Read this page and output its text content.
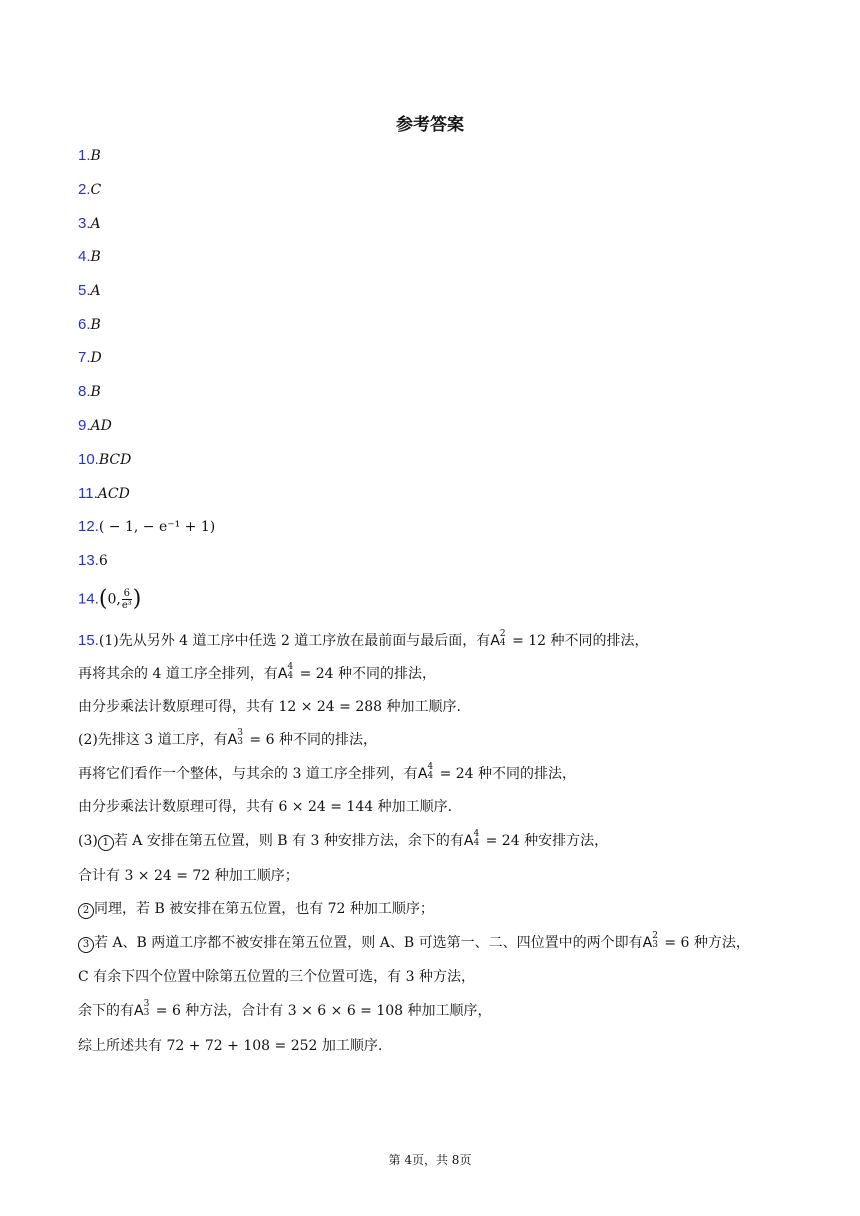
参考答案
1.B
2.C
3.A
4.B
5.A
6.B
7.D
8.B
9.AD
10.BCD
11.ACD
12.( − 1, − e⁻¹ + 1)
13.6
14.(0, $\frac{6}{\text{e³}}$ )
15.(1)先从另外 4 道工序中任选 2 道工序放在最前面与最后面，有A 2
4 = 12 种不同的排法，
再将其余的 4 道工序全排列，有A 4
4 = 24 种不同的排法，
由分步乘法计数原理可得，共有 12 × 24 = 288 种加工顺序.
(2)先排这 3 道工序，有A 3
3 = 6 种不同的排法，
再将它们看作一个整体，与其余的 3 道工序全排列，有A 4
4 = 24 种不同的排法，
由分步乘法计数原理可得，共有 6 × 24 = 144 种加工顺序.
(3) 1 若 A 安排在第五位置，则 B 有 3 种安排方法，余下的有A 4
4 = 24 种安排方法，
合计有 3 × 24 = 72 种加工顺序；
2 同理，若 B 被安排在第五位置，也有 72 种加工顺序；
3 若 A、B 两道工序都不被安排在第五位置，则 A、B 可选第一、二、四位置中的两个即有A 2
3 = 6 种方法，
C 有余下四个位置中除第五位置的三个位置可选，有 3 种方法，
余下的有A 3
3 = 6 种方法，合计有 3 × 6 × 6 = 108 种加工顺序，
综上所述共有 72 + 72 + 108 = 252 加工顺序.
第 4页，共 8页
